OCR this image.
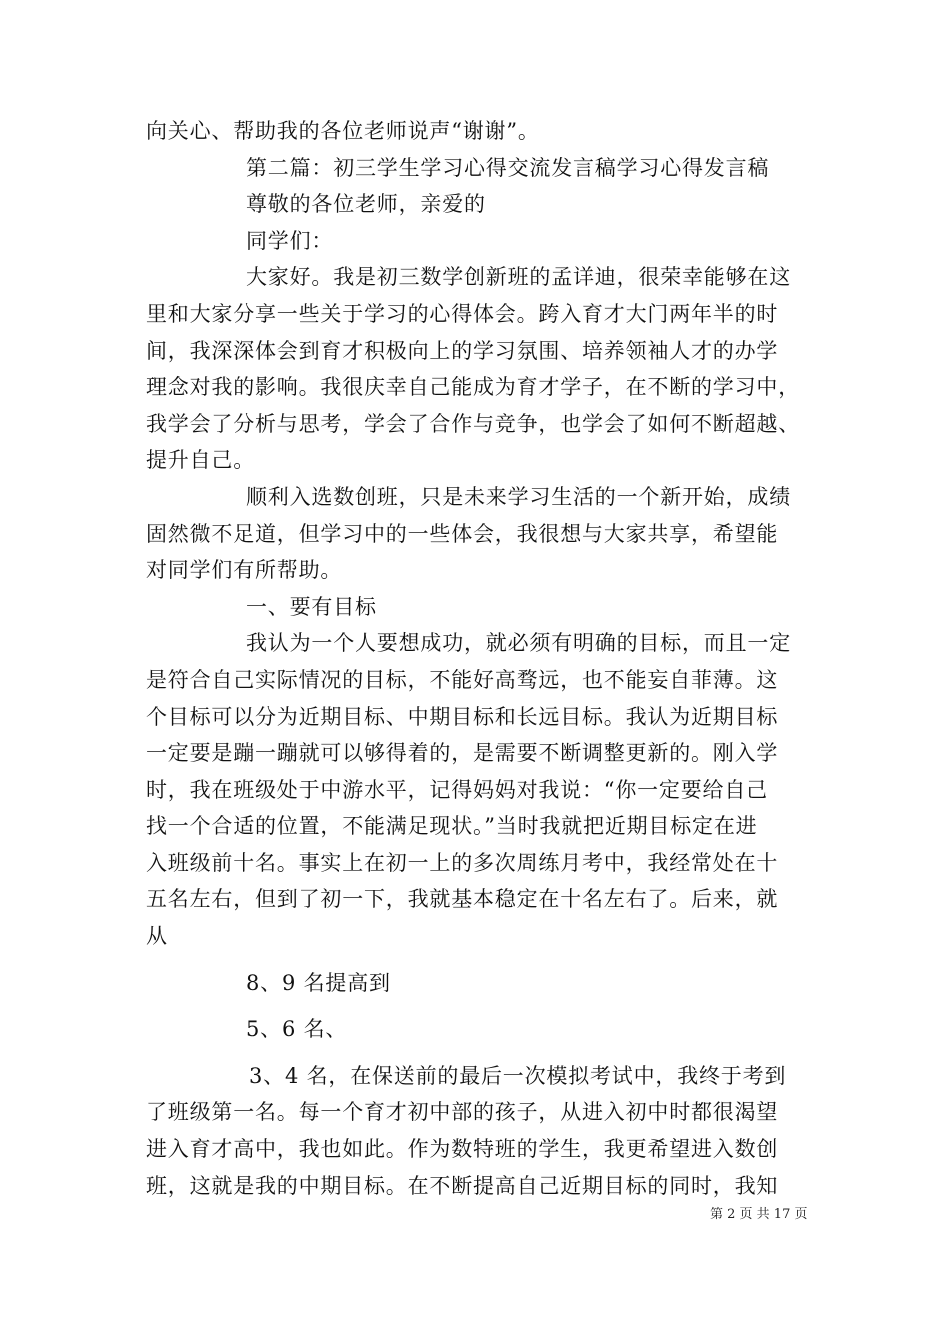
向关心、帮助我的各位老师说声“谢谢”。
第二篇：初三学生学习心得交流发言稿学习心得发言稿
尊敬的各位老师，亲爱的
同学们：
大家好。我是初三数学创新班的孟详迪，很荣幸能够在这
里和大家分享一些关于学习的心得体会。跨入育才大门两年半的时
间，我深深体会到育才积极向上的学习氛围、培养领袖人才的办学
理念对我的影响。我很庆幸自己能成为育才学子，在不断的学习中，
我学会了分析与思考，学会了合作与竞争，也学会了如何不断超越、
提升自己。
顺利入选数创班，只是未来学习生活的一个新开始，成绩
固然微不足道，但学习中的一些体会，我很想与大家共享，希望能
对同学们有所帮助。
一、要有目标
我认为一个人要想成功，就必须有明确的目标，而且一定
是符合自己实际情况的目标，不能好高骛远，也不能妄自菲薄。这
个目标可以分为近期目标、中期目标和长远目标。我认为近期目标
一定要是蹦一蹦就可以够得着的，是需要不断调整更新的。刚入学
时，我在班级处于中游水平，记得妈妈对我说：“你一定要给自己
找一个合适的位置，不能满足现状。”当时我就把近期目标定在进
入班级前十名。事实上在初一上的多次周练月考中，我经常处在十
五名左右，但到了初一下，我就基本稳定在十名左右了。后来，就
从
8、9 名提高到
5、6 名、
3、4 名，在保送前的最后一次模拟考试中，我终于考到
了班级第一名。每一个育才初中部的孩子，从进入初中时都很渴望
进入育才高中，我也如此。作为数特班的学生，我更希望进入数创
班，这就是我的中期目标。在不断提高自己近期目标的同时，我知
第 2 页 共 17 页
